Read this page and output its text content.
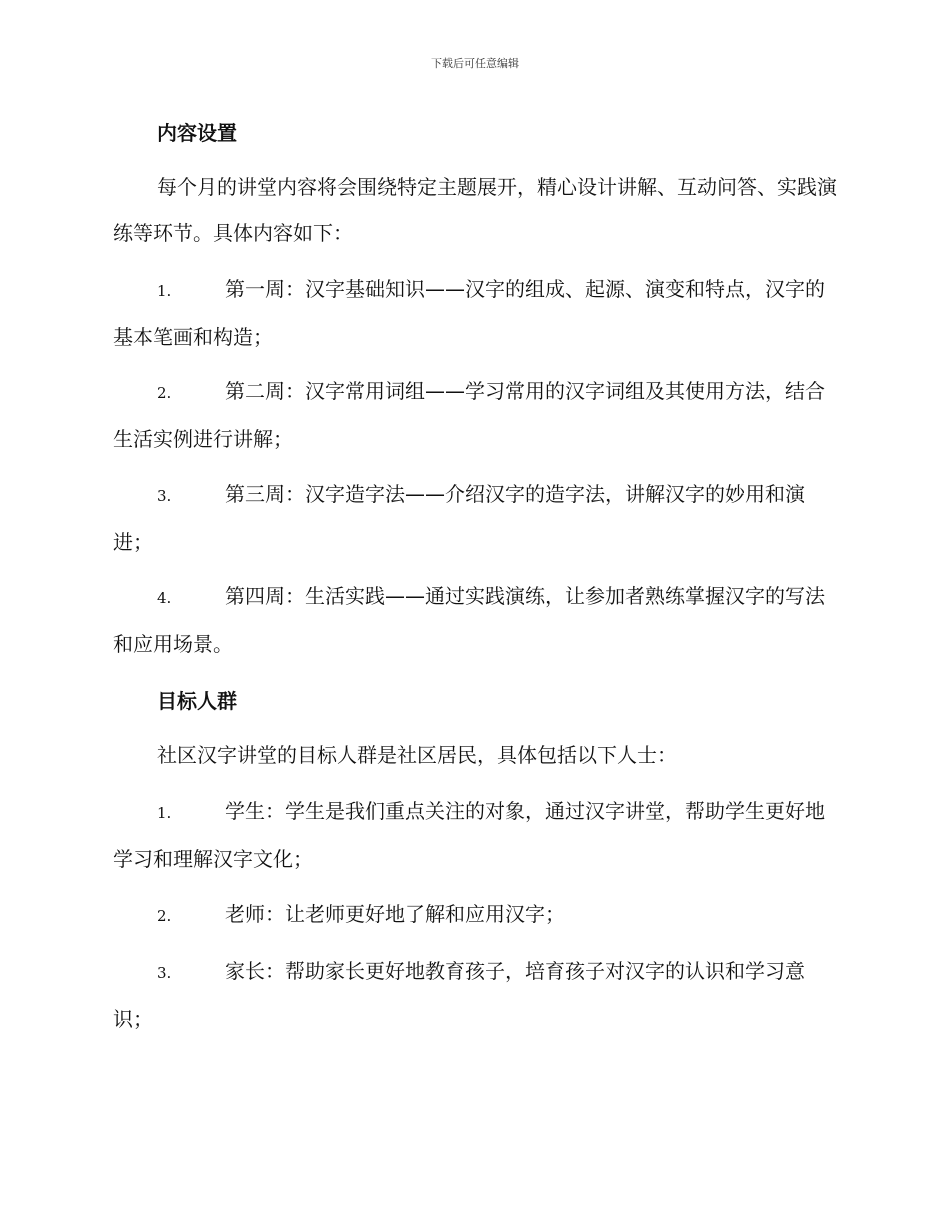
下载后可任意编辑
内容设置
每个月的讲堂内容将会围绕特定主题展开，精心设计讲解、互动问答、实践演练等环节。具体内容如下：
1.	第一周：汉字基础知识——汉字的组成、起源、演变和特点，汉字的基本笔画和构造；
2.	第二周：汉字常用词组——学习常用的汉字词组及其使用方法，结合生活实例进行讲解；
3.	第三周：汉字造字法——介绍汉字的造字法，讲解汉字的妙用和演进；
4.	第四周：生活实践——通过实践演练，让参加者熟练掌握汉字的写法和应用场景。
目标人群
社区汉字讲堂的目标人群是社区居民，具体包括以下人士：
1.	学生：学生是我们重点关注的对象，通过汉字讲堂，帮助学生更好地学习和理解汉字文化；
2.	老师：让老师更好地了解和应用汉字；
3.	家长：帮助家长更好地教育孩子，培育孩子对汉字的认识和学习意识；
